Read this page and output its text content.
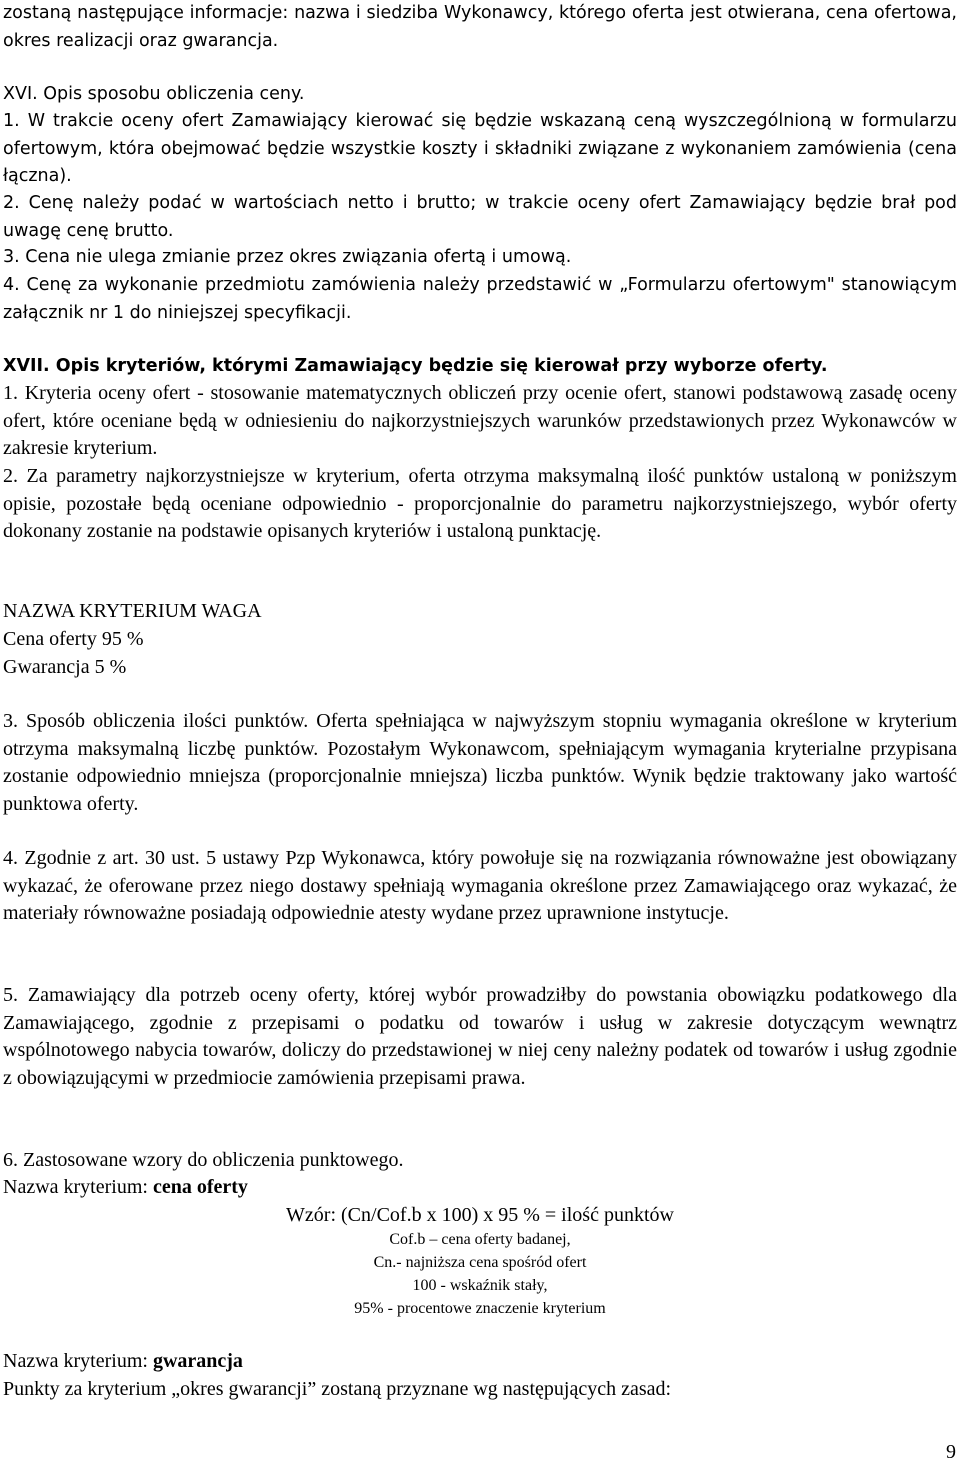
zostaną następujące informacje: nazwa i siedziba Wykonawcy, którego oferta jest otwierana, cena ofertowa, okres realizacji oraz gwarancja.

XVI. Opis sposobu obliczenia ceny.

1. W trakcie oceny ofert Zamawiający kierować się będzie wskazaną ceną wyszczególnioną w formularzu ofertowym, która obejmować będzie wszystkie koszty i składniki związane z wykonaniem zamówienia (cena łączna).

2. Cenę należy podać w wartościach netto i brutto; w trakcie oceny ofert Zamawiający będzie brał pod uwagę cenę brutto.

3. Cena nie ulega zmianie przez okres związania ofertą i umową.

4. Cenę za wykonanie przedmiotu zamówienia należy przedstawić w „Formularzu ofertowym" stanowiącym załącznik nr 1 do niniejszej specyfikacji.

XVII. Opis kryteriów, którymi Zamawiający będzie się kierował przy wyborze oferty.

1. Kryteria oceny ofert - stosowanie matematycznych obliczeń przy ocenie ofert, stanowi podstawową zasadę oceny ofert, które oceniane będą w odniesieniu do najkorzystniejszych warunków przedstawionych przez Wykonawców w zakresie kryterium.

2. Za parametry najkorzystniejsze w kryterium, oferta otrzyma maksymalną ilość punktów ustaloną w poniższym opisie, pozostałe będą oceniane odpowiednio - proporcjonalnie do parametru najkorzystniejszego, wybór oferty dokonany zostanie na podstawie opisanych kryteriów i ustaloną punktację.

NAZWA KRYTERIUM WAGA

Cena oferty 95 %

Gwarancja 5 %

3. Sposób obliczenia ilości punktów. Oferta spełniająca w najwyższym stopniu wymagania określone w kryterium otrzyma maksymalną liczbę punktów. Pozostałym Wykonawcom, spełniającym wymagania kryterialne przypisana zostanie odpowiednio mniejsza (proporcjonalnie mniejsza) liczba punktów. Wynik będzie traktowany jako wartość punktowa oferty.

4. Zgodnie z art. 30 ust. 5 ustawy Pzp Wykonawca, który powołuje się na rozwiązania równoważne jest obowiązany wykazać, że oferowane przez niego dostawy spełniają wymagania określone przez Zamawiającego oraz wykazać, że materiały równoważne posiadają odpowiednie atesty wydane przez uprawnione instytucje.

5. Zamawiający dla potrzeb oceny oferty, której wybór prowadziłby do powstania obowiązku podatkowego dla Zamawiającego, zgodnie z przepisami o podatku od towarów i usług w zakresie dotyczącym wewnątrz wspólnotowego nabycia towarów, doliczy do przedstawionej w niej ceny należny podatek od towarów i usług zgodnie z obowiązującymi w przedmiocie zamówienia przepisami prawa.

6. Zastosowane wzory do obliczenia punktowego.

Nazwa kryterium: cena oferty

Wzór: (Cn/Cof.b x 100) x 95 % = ilość punktów

Cof.b – cena oferty badanej,

Cn.- najniższa cena spośród ofert

100 - wskaźnik stały,

95% - procentowe znaczenie kryterium

Nazwa kryterium: gwarancja

Punkty za kryterium „okres gwarancji” zostaną przyznane wg następujących zasad:

9
